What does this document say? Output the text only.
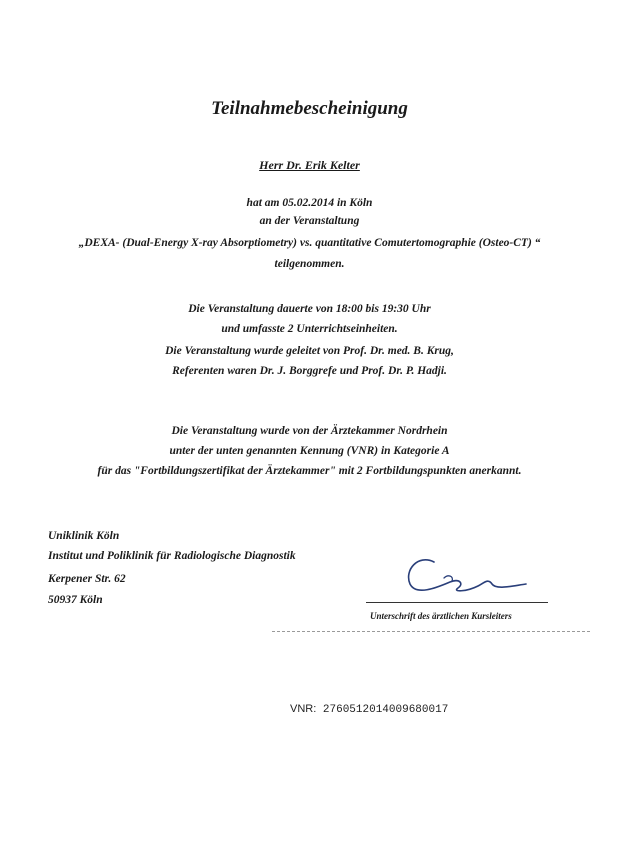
Teilnahmebescheinigung
Herr Dr. Erik Kelter
hat am 05.02.2014 in Köln
an der Veranstaltung
„DEXA- (Dual-Energy X-ray Absorptiometry) vs. quantitative Comutertomographie (Osteo-CT) “
teilgenommen.
Die Veranstaltung dauerte von 18:00 bis 19:30 Uhr
und umfasste 2 Unterrichtseinheiten.
Die Veranstaltung wurde geleitet von Prof. Dr. med. B. Krug,
Referenten waren Dr. J. Borggrefe und Prof. Dr. P. Hadji.
Die Veranstaltung wurde von der Ärztekammer Nordrhein
unter der unten genannten Kennung (VNR) in Kategorie A
für das "Fortbildungszertifikat der Ärztekammer" mit 2 Fortbildungspunkten anerkannt.
Uniklinik Köln
Institut und Poliklinik für Radiologische Diagnostik
Kerpener Str. 62
50937 Köln
Unterschrift des ärztlichen Kursleiters
VNR: 2760512014009680017
